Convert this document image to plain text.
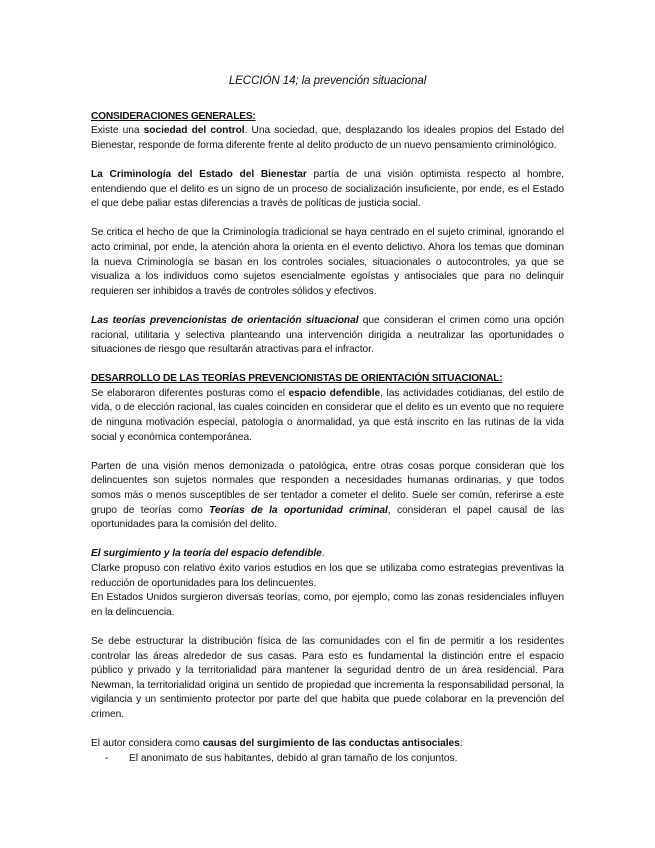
LECCIÓN 14; la prevención situacional

CONSIDERACIONES GENERALES:

Existe una sociedad del control. Una sociedad, que, desplazando los ideales propios del Estado del Bienestar, responde de forma diferente frente al delito producto de un nuevo pensamiento criminológico.

La Criminología del Estado del Bienestar partía de una visión optimista respecto al hombre, entendiendo que el delito es un signo de un proceso de socialización insuficiente, por ende, es el Estado el que debe paliar estas diferencias a través de políticas de justicia social.

Se critica el hecho de que la Criminología tradicional se haya centrado en el sujeto criminal, ignorando el acto criminal, por ende, la atención ahora la orienta en el evento delictivo. Ahora los temas que dominan la nueva Criminología se basan en los controles sociales, situacionales o autocontroles, ya que se visualiza a los individuos como sujetos esencialmente egoístas y antisociales que para no delinquir requieren ser inhibidos a través de controles sólidos y efectivos.

Las teorías prevencionistas de orientación situacional que consideran el crimen como una opción racional, utilitaria y selectiva planteando una intervención dirigida a neutralizar las oportunidades o situaciones de riesgo que resultarán atractivas para el infractor.

DESARROLLO DE LAS TEORÍAS PREVENCIONISTAS DE ORIENTACIÓN SITUACIONAL:

Se elaboraron diferentes posturas como el espacio defendible, las actividades cotidianas, del estilo de vida, o de elección racional, las cuales coinciden en considerar que el delito es un evento que no requiere de ninguna motivación especial, patología o anormalidad, ya que está inscrito en las rutinas de la vida social y económica contemporánea.

Parten de una visión menos demonizada o patológica, entre otras cosas porque consideran que los delincuentes son sujetos normales que responden a necesidades humanas ordinarias, y que todos somos más o menos susceptibles de ser tentador a cometer el delito. Suele ser común, referirse a este grupo de teorías como Teorías de la oportunidad criminal, consideran el papel causal de las oportunidades para la comisión del delito.

El surgimiento y la teoría del espacio defendible.

Clarke propuso con relativo éxito varios estudios en los que se utilizaba como estrategias preventivas la reducción de oportunidades para los delincuentes.

En Estados Unidos surgieron diversas teorías, como, por ejemplo, como las zonas residenciales influyen en la delincuencia.

Se debe estructurar la distribución física de las comunidades con el fin de permitir a los residentes controlar las áreas alrededor de sus casas. Para esto es fundamental la distinción entre el espacio público y privado y la territorialidad para mantener la seguridad dentro de un área residencial. Para Newman, la territorialidad origina un sentido de propiedad que incrementa la responsabilidad personal, la vigilancia y un sentimiento protector por parte del que habita que puede colaborar en la prevención del crimen.

El autor considera como causas del surgimiento de las conductas antisociales:

-	El anonimato de sus habitantes, debido al gran tamaño de los conjuntos.
